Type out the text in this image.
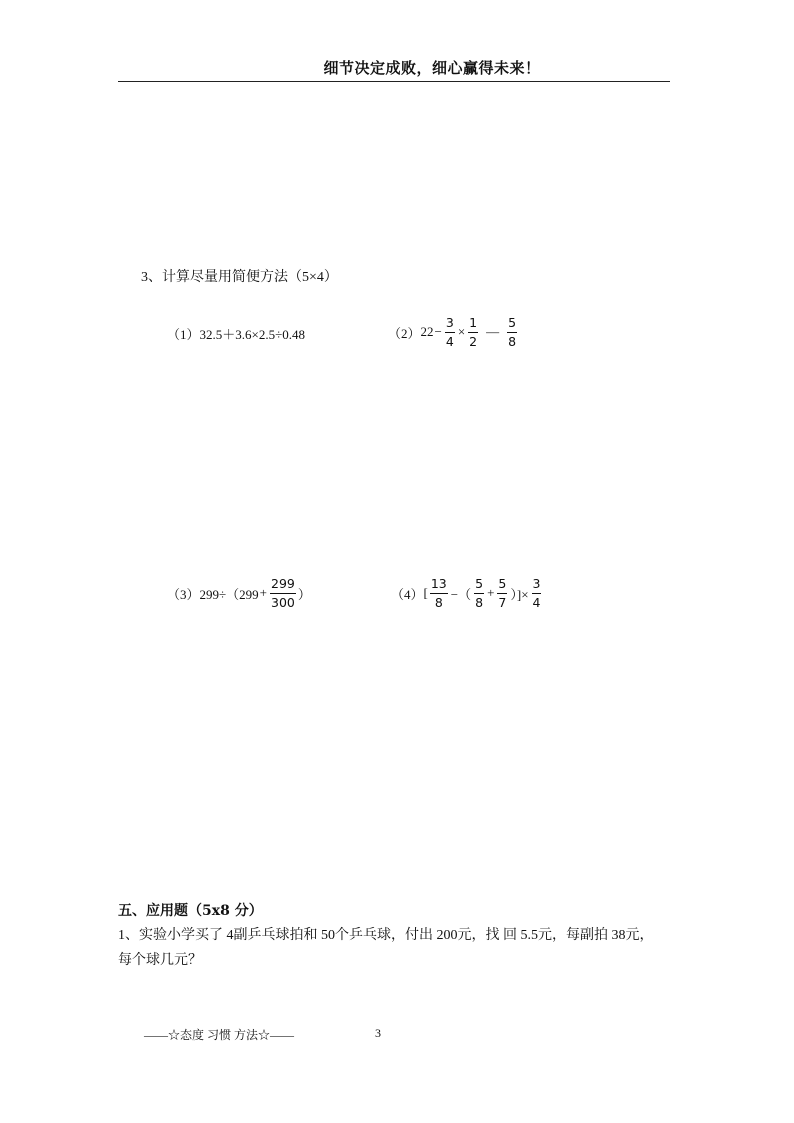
细节决定成败，细心赢得未来！
3、计算尽量用简便方法（5×4）
（1） 32.5＋3.6×2.5÷0.48	（2） $22 - \frac{3}{4} \times \frac{1}{2}$ — $\frac{5}{8}$
（3） $299\div(299 + \frac{299}{300}$ ）	（4） [ $\frac{13}{8}$ −（ $\frac{5}{8} + \frac{5}{7}$ ）]× $\frac{3}{4}$
五、应用题（5x8 分）
1、实验小学买了 4副乒乓球拍和 50个乒乓球，付出 200元，找 回 5.5元，每副拍 38元，
每个球几元？
——☆态度 习惯 方法☆——	3
